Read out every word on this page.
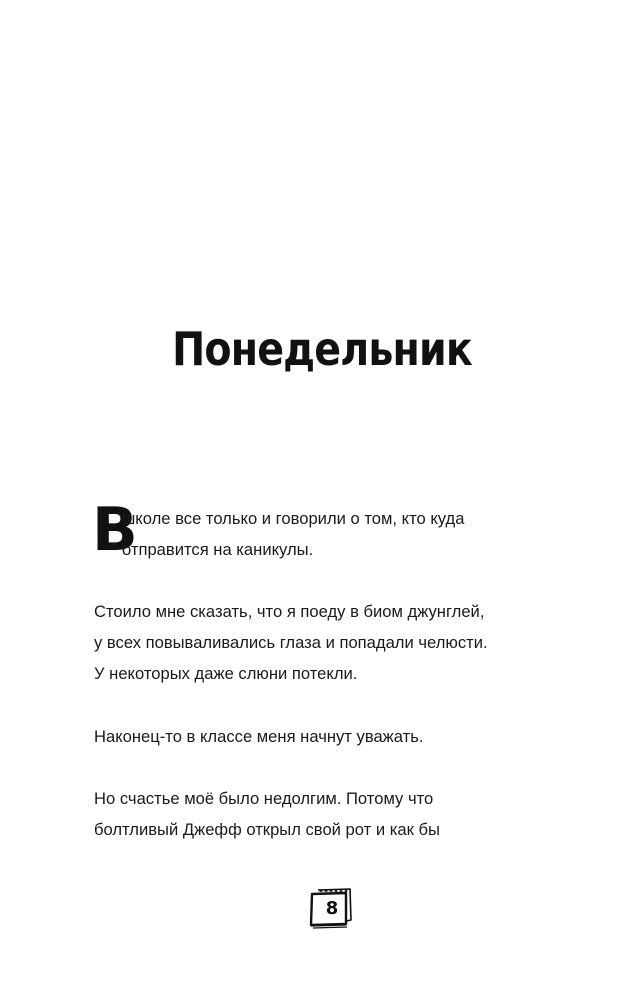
Понедельник
В
школе все только и говорили о том, кто куда
отправится на каникулы.

Стоило мне сказать, что я поеду в биом джунглей,
у всех повываливались глаза и попадали челюсти.
У некоторых даже слюни потекли.

Наконец-то в классе меня начнут уважать.

Но счастье моё было недолгим. Потому что
болтливый Джефф открыл свой рот и как бы

8
